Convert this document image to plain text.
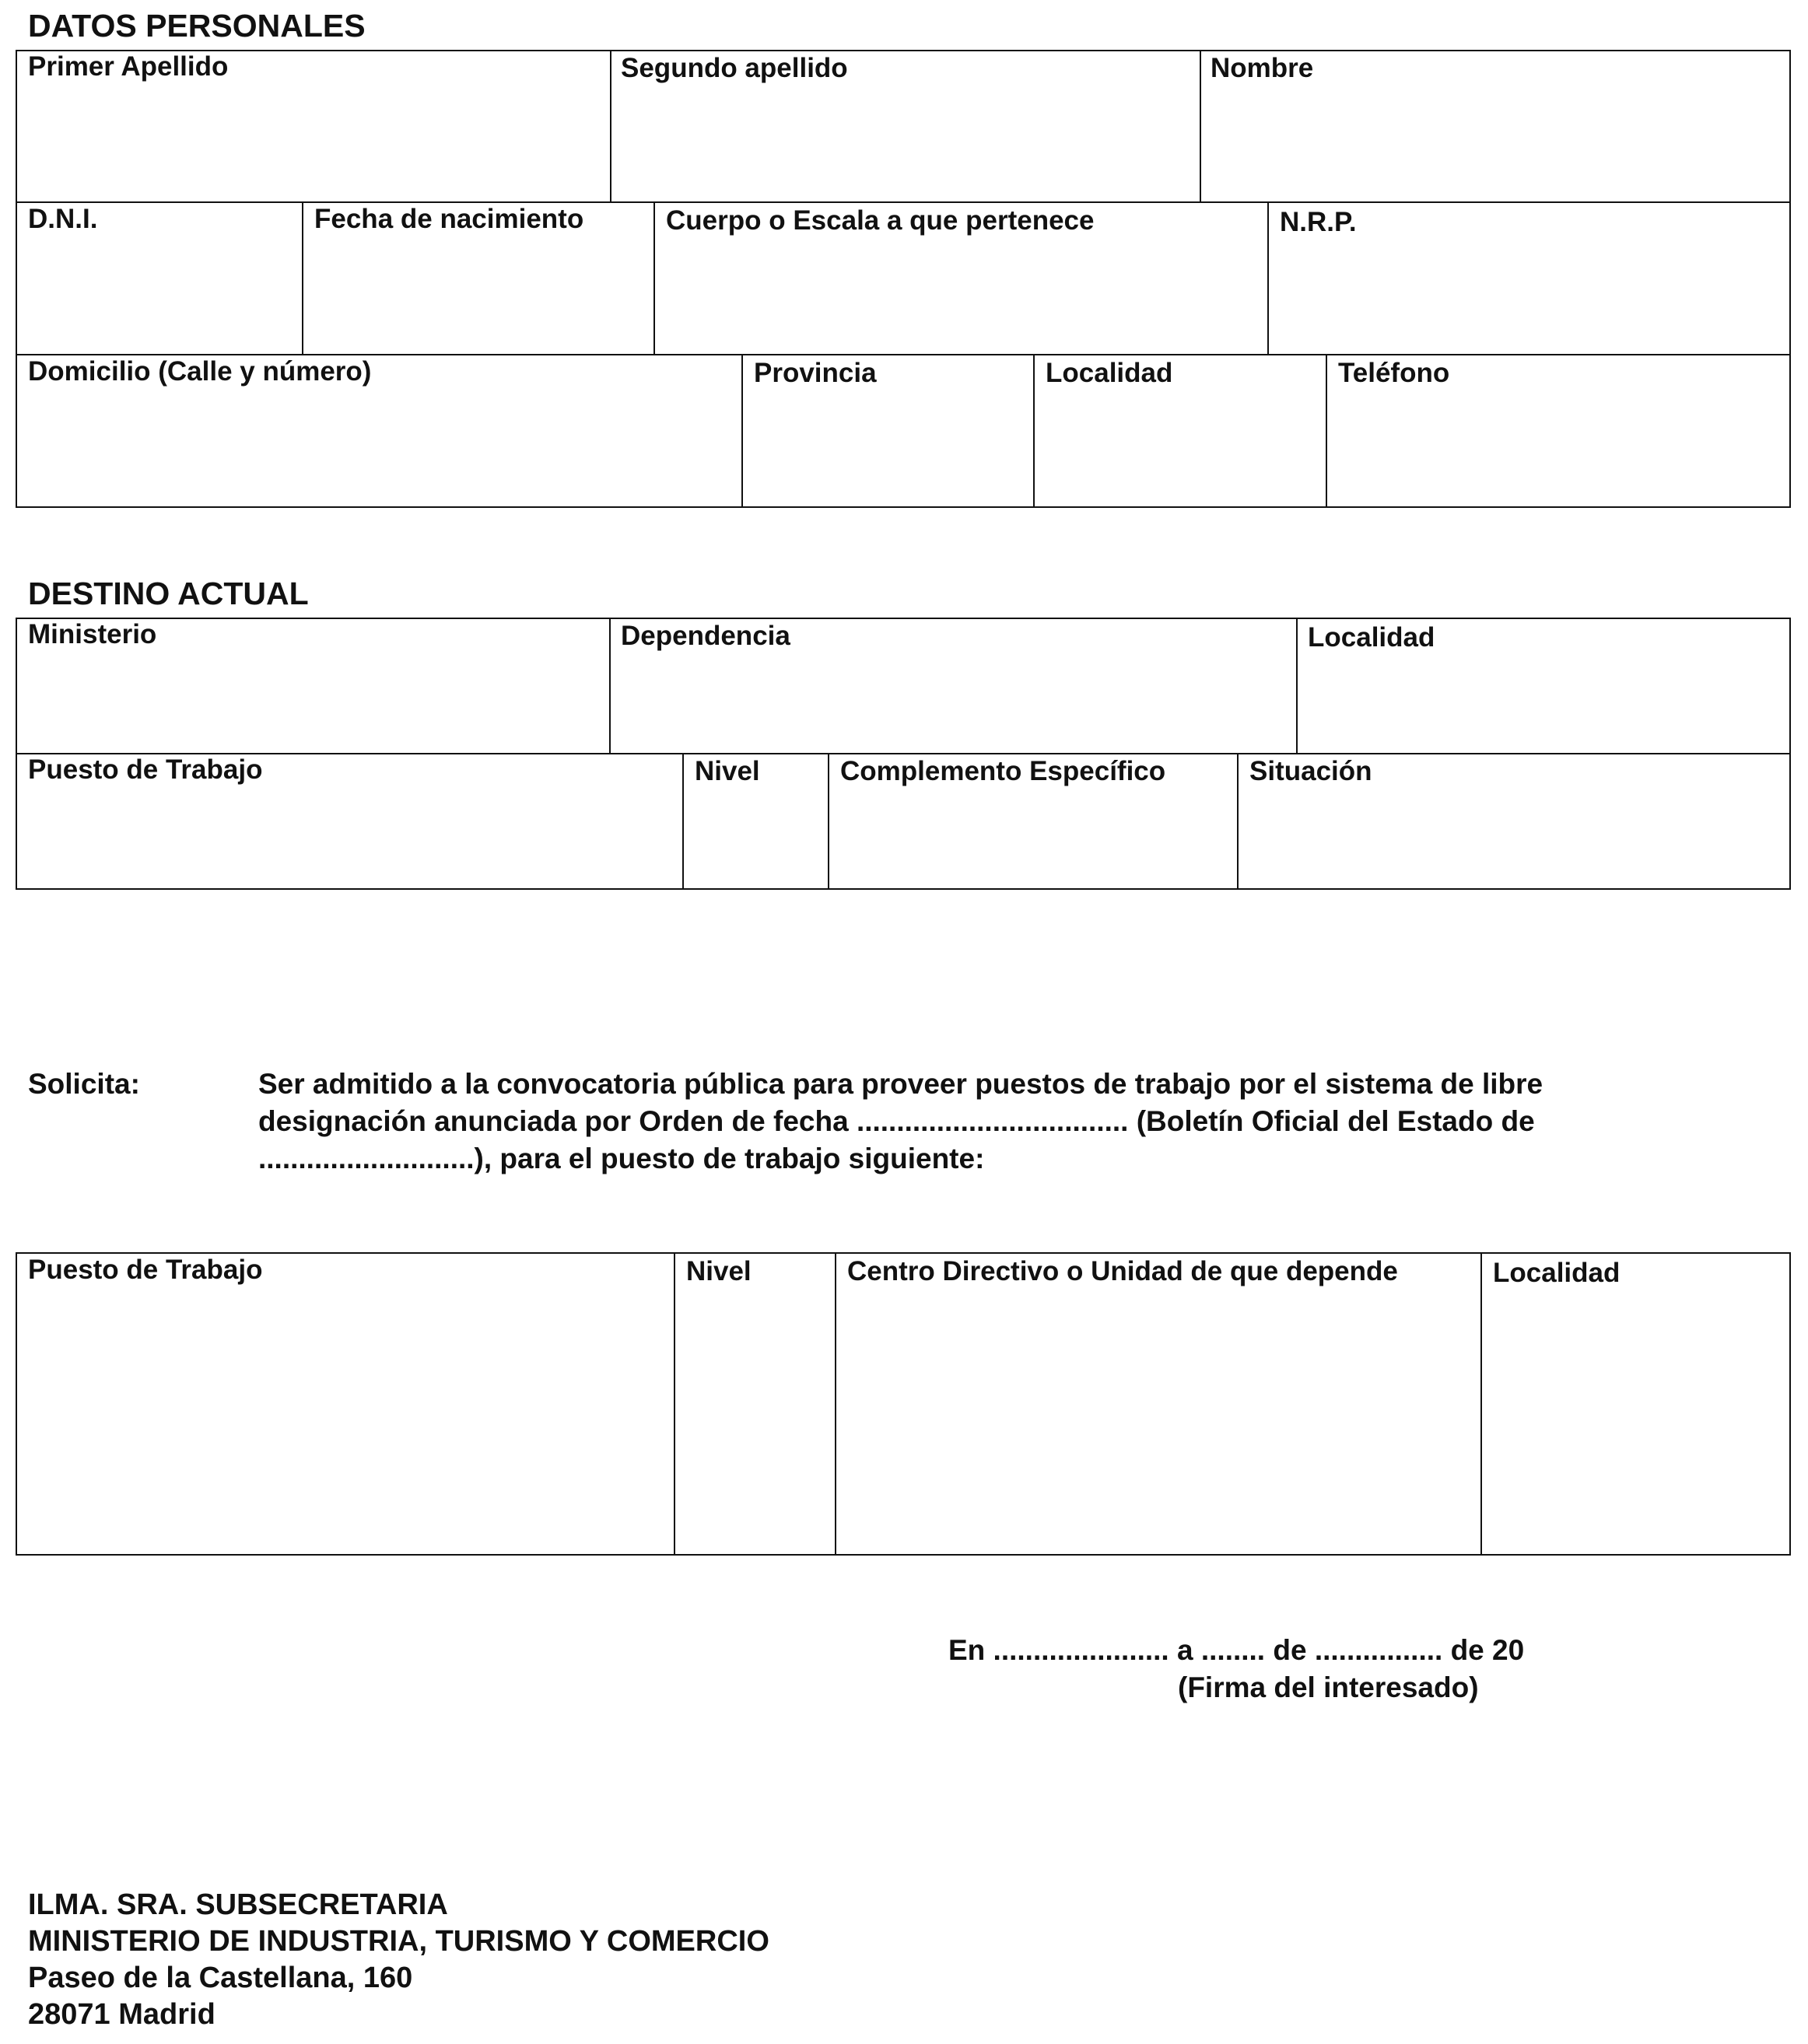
DATOS PERSONALES
Primer Apellido	Segundo apellido	Nombre
D.N.I.	Fecha de nacimiento	Cuerpo o Escala a que pertenece	N.R.P.
Domicilio (Calle y número)	Provincia	Localidad	Teléfono
DESTINO ACTUAL
Ministerio	Dependencia	Localidad
Puesto de Trabajo	Nivel	Complemento Específico	Situación
Solicita:	Ser admitido a la convocatoria pública para proveer puestos de trabajo por el sistema de libre
designación anunciada por Orden de fecha .................................. (Boletín Oficial del Estado de
...........................), para el puesto de trabajo siguiente:
Puesto de Trabajo	Nivel	Centro Directivo o Unidad de que depende	Localidad
En ...................... a ........ de ................ de 20
(Firma del interesado)
ILMA. SRA. SUBSECRETARIA
MINISTERIO DE INDUSTRIA, TURISMO Y COMERCIO
Paseo de la Castellana, 160
28071 Madrid
